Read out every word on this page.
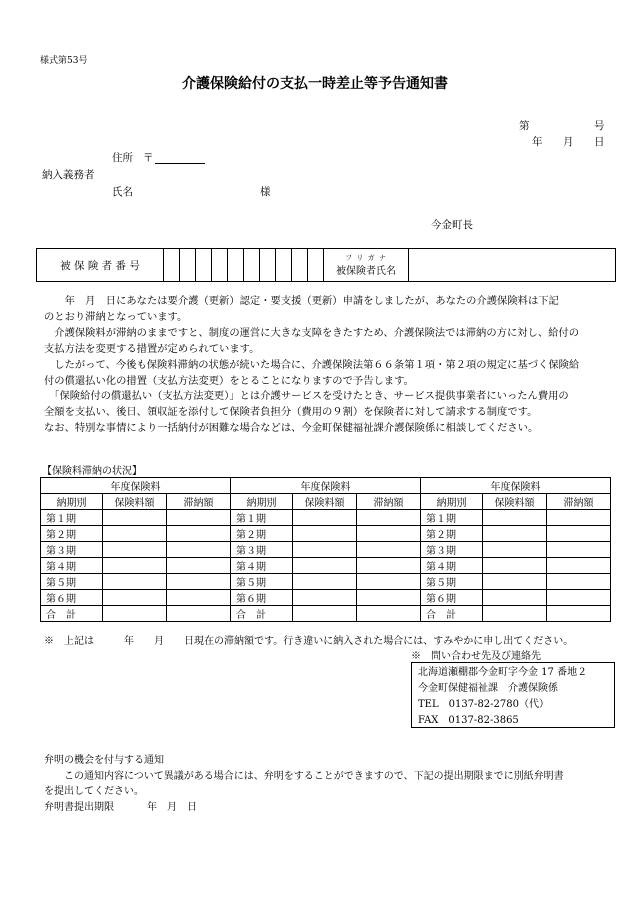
様式第53号
介護保険給付の支払一時差止等予告通知書
第	号
年 月 日
住所 〒
納入義務者
氏名	様
今金町長
被 保 険 者 番 号											
フ リ ガ ナ
被保険者氏名

　　年　月　日にあなたは要介護（更新）認定・要支援（更新）申請をしましたが、あなたの介護保険料は下記
のとおり滞納となっています。
　介護保険料が滞納のままですと、制度の運営に大きな支障をきたすため、介護保険法では滞納の方に対し、給付の
支払方法を変更する措置が定められています。
　したがって、今後も保険料滞納の状態が続いた場合に、介護保険法第６６条第１項・第２項の規定に基づく保険給
付の償還払い化の措置（支払方法変更）をとることになりますので予告します。
　「保険給付の償還払い（支払方法変更）」とは介護サービスを受けたとき、サービス提供事業者にいったん費用の
全額を支払い、後日、領収証を添付して保険者負担分（費用の９割）を保険者に対して請求する制度です。
なお、特別な事情により一括納付が困難な場合などは、今金町保健福祉課介護保険係に相談してください。
【保険料滞納の状況】
年度保険料			年度保険料			年度保険料		
納期別	保険料額	滞納額	納期別	保険料額	滞納額	納期別	保険料額	滞納額
第１期			第１期			第１期		
第２期			第２期			第２期		
第３期			第３期			第３期		
第４期			第４期			第４期		
第５期			第５期			第５期		
第６期			第６期			第６期		
合　計			合　計			合　計		
※　上記は　　　年　　月　　日現在の滞納額です。行き違いに納入された場合には、すみやかに申し出てください。
※　問い合わせ先及び連絡先
北海道瀬棚郡今金町字今金 17 番地２
今金町保健福祉課　介護保険係
TEL　0137-82-2780（代）
FAX　0137-82-3865
弁明の機会を付与する通知
　　この通知内容について異議がある場合には、弁明をすることができますので、下記の提出期限までに別紙弁明書
を提出してください。
弁明書提出期限	年　月　日
